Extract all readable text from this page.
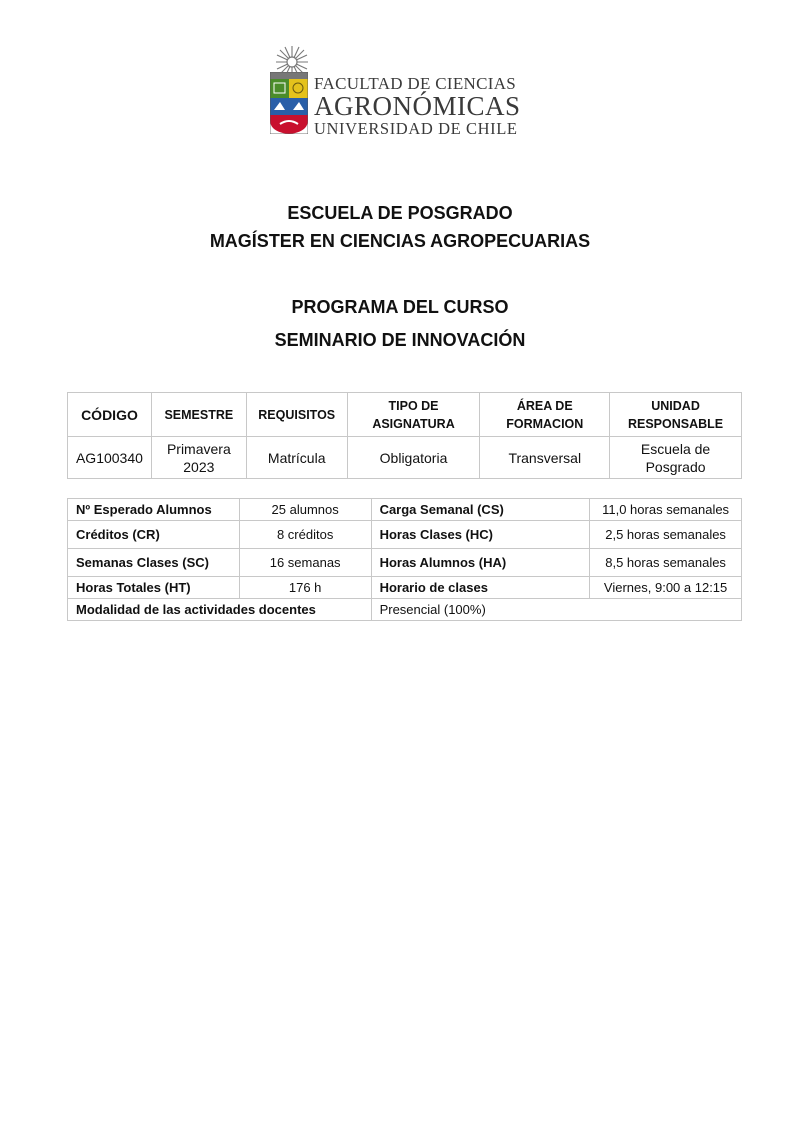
FACULTAD DE CIENCIAS
AGRONÓMICAS
UNIVERSIDAD DE CHILE
ESCUELA DE POSGRADO
MAGÍSTER EN CIENCIAS AGROPECUARIAS
PROGRAMA DEL CURSO
SEMINARIO DE INNOVACIÓN
CÓDIGO	SEMESTRE	REQUISITOS	TIPO DE ASIGNATURA	ÁREA DE FORMACION	UNIDAD RESPONSABLE
AG100340	Primavera 2023	Matrícula	Obligatoria	Transversal	Escuela de Posgrado
Nº Esperado Alumnos	25 alumnos	Carga Semanal (CS)	11,0 horas semanales
Créditos (CR)	8 créditos	Horas Clases (HC)	2,5 horas semanales
Semanas Clases (SC)	16 semanas	Horas Alumnos (HA)	8,5 horas semanales
Horas Totales (HT)	176 h	Horario de clases	Viernes, 9:00 a 12:15
Modalidad de las actividades docentes		Presencial (100%)	
